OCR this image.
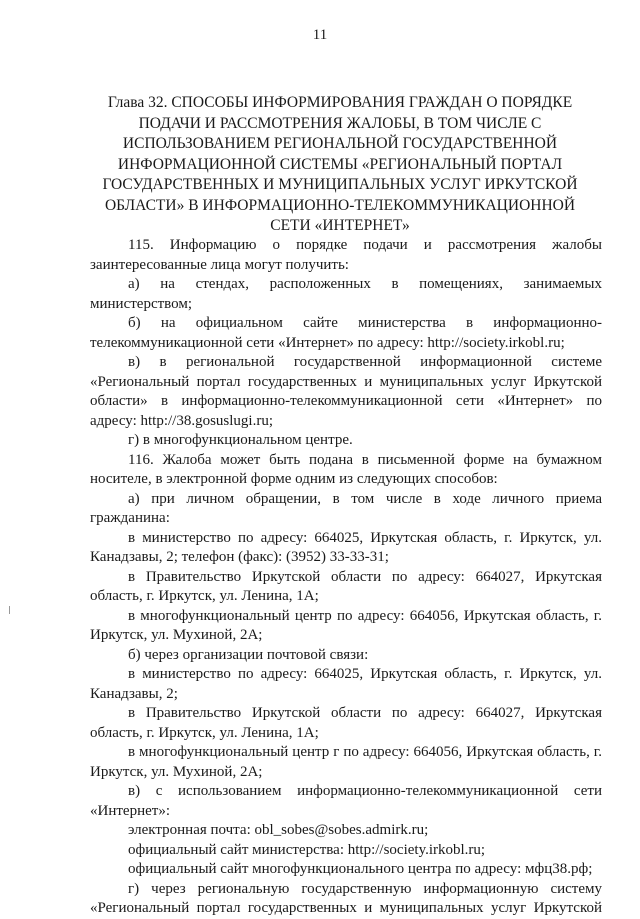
11
Глава 32. СПОСОБЫ ИНФОРМИРОВАНИЯ ГРАЖДАН О ПОРЯДКЕ ПОДАЧИ И РАССМОТРЕНИЯ ЖАЛОБЫ, В ТОМ ЧИСЛЕ С ИСПОЛЬЗОВАНИЕМ РЕГИОНАЛЬНОЙ ГОСУДАРСТВЕННОЙ ИНФОРМАЦИОННОЙ СИСТЕМЫ «РЕГИОНАЛЬНЫЙ ПОРТАЛ ГОСУДАРСТВЕННЫХ И МУНИЦИПАЛЬНЫХ УСЛУГ ИРКУТСКОЙ ОБЛАСТИ» В ИНФОРМАЦИОННО-ТЕЛЕКОММУНИКАЦИОННОЙ СЕТИ «ИНТЕРНЕТ»

115. Информацию о порядке подачи и рассмотрения жалобы заинтересованные лица могут получить:

а) на стендах, расположенных в помещениях, занимаемых министерством;

б) на официальном сайте министерства в информационно-телекоммуникационной сети «Интернет» по адресу: http://society.irkobl.ru;

в) в региональной государственной информационной системе «Региональный портал государственных и муниципальных услуг Иркутской области» в информационно-телекоммуникационной сети «Интернет» по адресу: http://38.gosuslugi.ru;

г) в многофункциональном центре.

116. Жалоба может быть подана в письменной форме на бумажном носителе, в электронной форме одним из следующих способов:

а) при личном обращении, в том числе в ходе личного приема гражданина:

в министерство по адресу: 664025, Иркутская область, г. Иркутск, ул. Канадзавы, 2; телефон (факс): (3952) 33-33-31;

в Правительство Иркутской области по адресу: 664027, Иркутская область, г. Иркутск, ул. Ленина, 1А;

в многофункциональный центр по адресу: 664056, Иркутская область, г. Иркутск, ул. Мухиной, 2А;

б) через организации почтовой связи:

в министерство по адресу: 664025, Иркутская область, г. Иркутск, ул. Канадзавы, 2;

в Правительство Иркутской области по адресу: 664027, Иркутская область, г. Иркутск, ул. Ленина, 1А;

в многофункциональный центр г по адресу: 664056, Иркутская область, г. Иркутск, ул. Мухиной, 2А;

в) с использованием информационно-телекоммуникационной сети «Интернет»:

электронная почта: obl_sobes@sobes.admirk.ru;

официальный сайт министерства: http://society.irkobl.ru;

официальный сайт многофункционального центра по адресу: мфц38.рф;

г) через региональную государственную информационную систему «Региональный портал государственных и муниципальных услуг Иркутской
